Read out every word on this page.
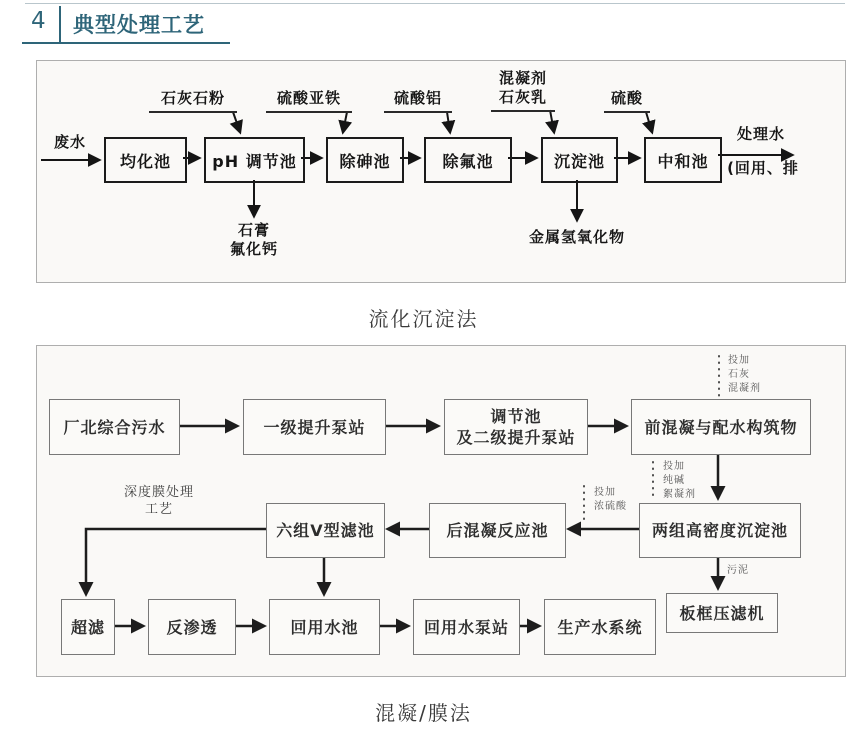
4 典型处理工艺
废水
均化池	pH 调节池	除砷池	除氟池	沉淀池	中和池
石灰石粉	硫酸亚铁	硫酸铝
混凝剂
石灰乳	硫酸
石膏
氟化钙
金属氢氧化物
处理水
(回用、排
流化沉淀法
厂北综合污水	一级提升泵站
调节池
及二级提升泵站
前混凝与配水构筑物
六组V型滤池	后混凝反应池	两组高密度沉淀池
超滤	反渗透	回用水池	回用水泵站	生产水系统
板框压滤机
投加
石灰
混凝剂
投加
纯碱
絮凝剂
投加
浓硫酸
深度膜处理
工艺
污泥
混凝/膜法
